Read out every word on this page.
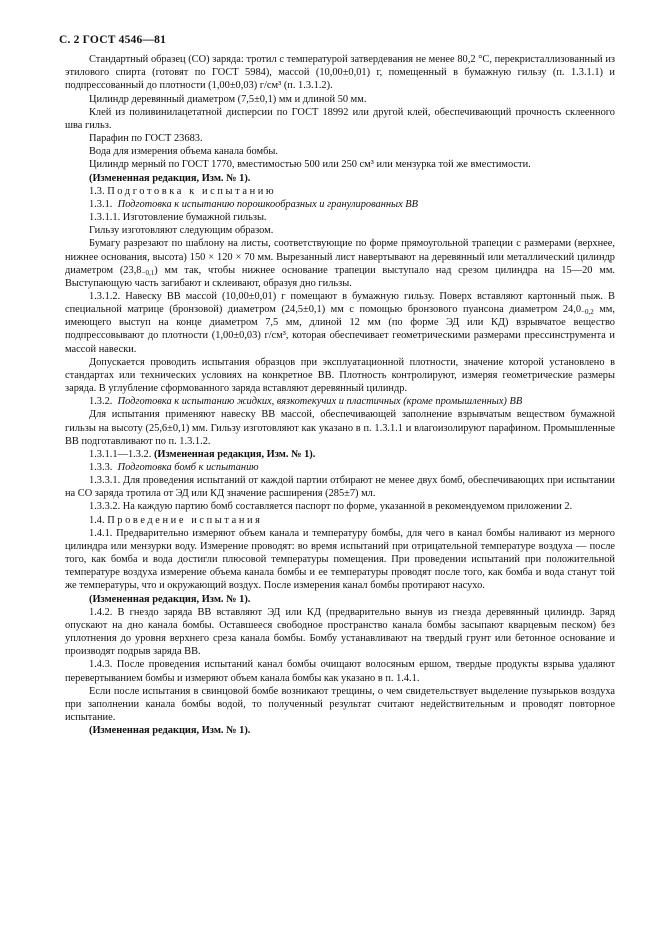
С. 2 ГОСТ 4546—81

Стандартный образец (СО) заряда: тротил с температурой затвердевания не менее 80,2 °С, перекристаллизованный из этилового спирта (готовят по ГОСТ 5984), массой (10,00±0,01) г, помещенный в бумажную гильзу (п. 1.3.1.1) и подпрессованный до плотности (1,00±0,03) г/см³ (п. 1.3.1.2).

Цилиндр деревянный диаметром (7,5±0,1) мм и длиной 50 мм.

Клей из поливинилацетатной дисперсии по ГОСТ 18992 или другой клей, обеспечивающий прочность склеенного шва гильз.

Парафин по ГОСТ 23683.

Вода для измерения объема канала бомбы.

Цилиндр мерный по ГОСТ 1770, вместимостью 500 или 250 см³ или мензурка той же вместимости.

(Измененная редакция, Изм. № 1).

1.3. Подготовка к испытанию

1.3.1. Подготовка к испытанию порошкообразных и гранулированных ВВ

1.3.1.1. Изготовление бумажной гильзы.

Гильзу изготовляют следующим образом.

Бумагу разрезают по шаблону на листы, соответствующие по форме прямоугольной трапеции с размерами (верхнее, нижнее основания, высота) 150 × 120 × 70 мм. Вырезанный лист навертывают на деревянный или металлический цилиндр диаметром $(23,8_{-0,1})$ мм так, чтобы нижнее основание трапеции выступало над срезом цилиндра на 15—20 мм. Выступающую часть загибают и склеивают, образуя дно гильзы.

1.3.1.2. Навеску ВВ массой (10,00±0,01) г помещают в бумажную гильзу. Поверх вставляют картонный пыж. В специальной матрице (бронзовой) диаметром (24,5±0,1) мм с помощью бронзового пуансона диаметром $24,0_{-0,2}$ мм, имеющего выступ на конце диаметром 7,5 мм, длиной 12 мм (по форме ЭД или КД) взрывчатое вещество подпрессовывают до плотности (1,00±0,03) г/см³, которая обеспечивает геометрическими размерами прессинструмента и массой навески.

Допускается проводить испытания образцов при эксплуатационной плотности, значение которой установлено в стандартах или технических условиях на конкретное ВВ. Плотность контролируют, измеряя геометрические размеры заряда. В углубление сформованного заряда вставляют деревянный цилиндр.

1.3.2. Подготовка к испытанию жидких, вязкотекучих и пластичных (кроме промышленных) ВВ

Для испытания применяют навеску ВВ массой, обеспечивающей заполнение взрывчатым веществом бумажной гильзы на высоту (25,6±0,1) мм. Гильзу изготовляют как указано в п. 1.3.1.1 и влагоизолируют парафином. Промышленные ВВ подготавливают по п. 1.3.1.2.

1.3.1.1—1.3.2. (Измененная редакция, Изм. № 1).

1.3.3. Подготовка бомб к испытанию

1.3.3.1. Для проведения испытаний от каждой партии отбирают не менее двух бомб, обеспечивающих при испытании на СО заряда тротила от ЭД или КД значение расширения (285±7) мл.

1.3.3.2. На каждую партию бомб составляется паспорт по форме, указанной в рекомендуемом приложении 2.

1.4. Проведение испытания

1.4.1. Предварительно измеряют объем канала и температуру бомбы, для чего в канал бомбы наливают из мерного цилиндра или мензурки воду. Измерение проводят: во время испытаний при отрицательной температуре воздуха — после того, как бомба и вода достигли плюсовой температуры помещения. При проведении испытаний при положительной температуре воздуха измерение объема канала бомбы и ее температуры проводят после того, как бомба и вода станут той же температуры, что и окружающий воздух. После измерения канал бомбы протирают насухо.

(Измененная редакция, Изм. № 1).

1.4.2. В гнездо заряда ВВ вставляют ЭД или КД (предварительно вынув из гнезда деревянный цилиндр. Заряд опускают на дно канала бомбы. Оставшееся свободное пространство канала бомбы засыпают кварцевым песком) без уплотнения до уровня верхнего среза канала бомбы. Бомбу устанавливают на твердый грунт или бетонное основание и производят подрыв заряда ВВ.

1.4.3. После проведения испытаний канал бомбы очищают волосяным ершом, твердые продукты взрыва удаляют перевертыванием бомбы и измеряют объем канала бомбы как указано в п. 1.4.1.

Если после испытания в свинцовой бомбе возникают трещины, о чем свидетельствует выделение пузырьков воздуха при заполнении канала бомбы водой, то полученный результат считают недействительным и проводят повторное испытание.

(Измененная редакция, Изм. № 1).
